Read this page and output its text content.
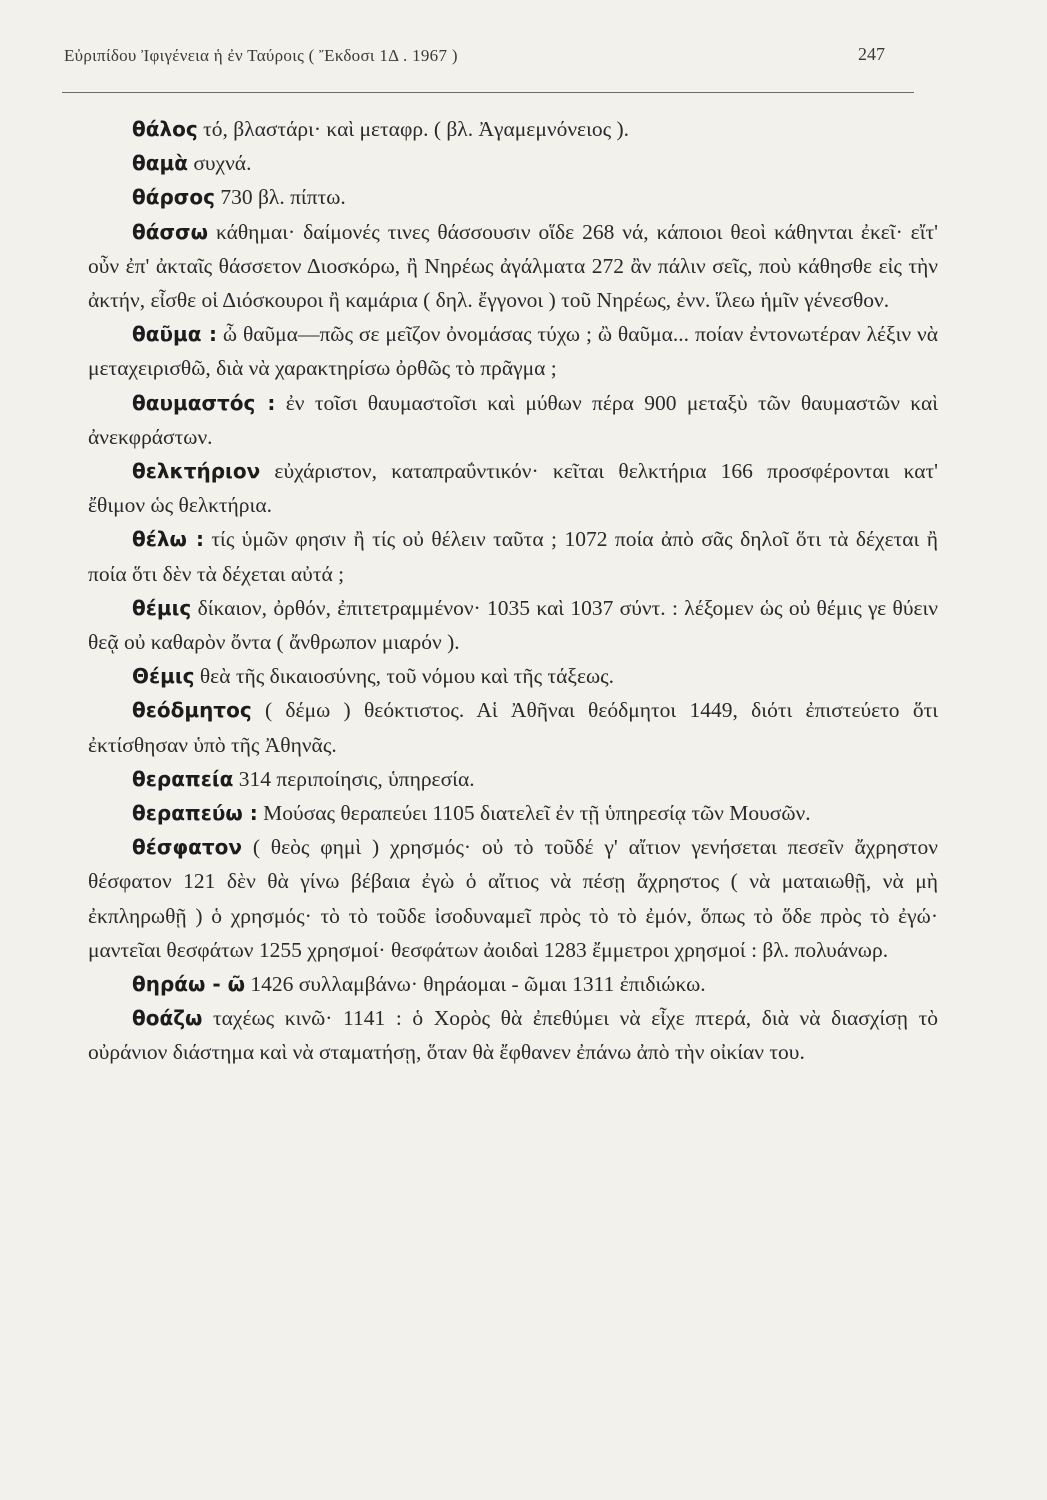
Εὐριπίδου Ἰφιγένεια ἡ ἐν Ταύροις ( Ἔκδοσι 1Δ . 1967 )	247

θάλος τό, βλαστάρι· καὶ μεταφρ. ( βλ. Ἀγαμεμνόνειος ).

θαμὰ συχνά.

θάρσος 730 βλ. πίπτω.

θάσσω κάθημαι· δαίμονές τινες θάσσουσιν οἵδε 268 νά, κάποιοι θεοὶ κάθηνται ἐκεῖ· εἴτ' οὖν ἐπ' ἀκταῖς θάσσετον Διοσκόρω, ἢ Νηρέως ἀγάλματα 272 ἂν πάλιν σεῖς, ποὺ κάθησθε εἰς τὴν ἀκτήν, εἶσθε οἱ Διόσκουροι ἢ καμάρια ( δηλ. ἔγγονοι ) τοῦ Νηρέως, ἐνν. ἵλεω ἡμῖν γένεσθον.

θαῦμα : ὦ θαῦμα—πῶς σε μεῖζον ὀνομάσας τύχω ; ὢ θαῦμα... ποίαν ἐντονωτέραν λέξιν νὰ μεταχειρισθῶ, διὰ νὰ χαρακτηρίσω ὀρθῶς τὸ πρᾶγμα ;

θαυμαστός : ἐν τοῖσι θαυμαστοῖσι καὶ μύθων πέρα 900 μεταξὺ τῶν θαυμαστῶν καὶ ἀνεκφράστων.

θελκτήριον εὐχάριστον, καταπραΰντικόν· κεῖται θελκτήρια 166 προσφέρονται κατ' ἔθιμον ὡς θελκτήρια.

θέλω : τίς ὑμῶν φησιν ἢ τίς οὐ θέλειν ταῦτα ; 1072 ποία ἀπὸ σᾶς δηλοῖ ὅτι τὰ δέχεται ἢ ποία ὅτι δὲν τὰ δέχεται αὐτά ;

θέμις δίκαιον, ὀρθόν, ἐπιτετραμμένον· 1035 καὶ 1037 σύντ. : λέξομεν ὡς οὐ θέμις γε θύειν θεᾷ οὐ καθαρὸν ὄντα ( ἄνθρωπον μιαρόν ).

Θέμις θεὰ τῆς δικαιοσύνης, τοῦ νόμου καὶ τῆς τάξεως.

θεόδμητος ( δέμω ) θεόκτιστος. Αἱ Ἀθῆναι θεόδμητοι 1449, διότι ἐπιστεύετο ὅτι ἐκτίσθησαν ὑπὸ τῆς Ἀθηνᾶς.

θεραπεία 314 περιποίησις, ὑπηρεσία.

θεραπεύω : Μούσας θεραπεύει 1105 διατελεῖ ἐν τῇ ὑπηρεσίᾳ τῶν Μουσῶν.

θέσφατον ( θεὸς φημὶ ) χρησμός· οὐ τὸ τοῦδέ γ' αἴτιον γενήσεται πεσεῖν ἄχρηστον θέσφατον 121 δὲν θὰ γίνω βέβαια ἐγὼ ὁ αἴτιος νὰ πέσῃ ἄχρηστος ( νὰ ματαιωθῇ, νὰ μὴ ἐκπληρωθῇ ) ὁ χρησμός· τὸ τὸ τοῦδε ἰσοδυναμεῖ πρὸς τὸ τὸ ἐμόν, ὅπως τὸ ὅδε πρὸς τὸ ἐγώ· μαντεῖαι θεσφάτων 1255 χρησμοί· θεσφάτων ἀοιδαὶ 1283 ἔμμετροι χρησμοί : βλ. πολυάνωρ.

θηράω - ῶ 1426 συλλαμβάνω· θηράομαι - ῶμαι 1311 ἐπιδιώκω.

θοάζω ταχέως κινῶ· 1141 : ὁ Χορὸς θὰ ἐπεθύμει νὰ εἶχε πτερά, διὰ νὰ διασχίσῃ τὸ οὐράνιον διάστημα καὶ νὰ σταματήσῃ, ὅταν θὰ ἔφθανεν ἐπάνω ἀπὸ τὴν οἰκίαν του.
